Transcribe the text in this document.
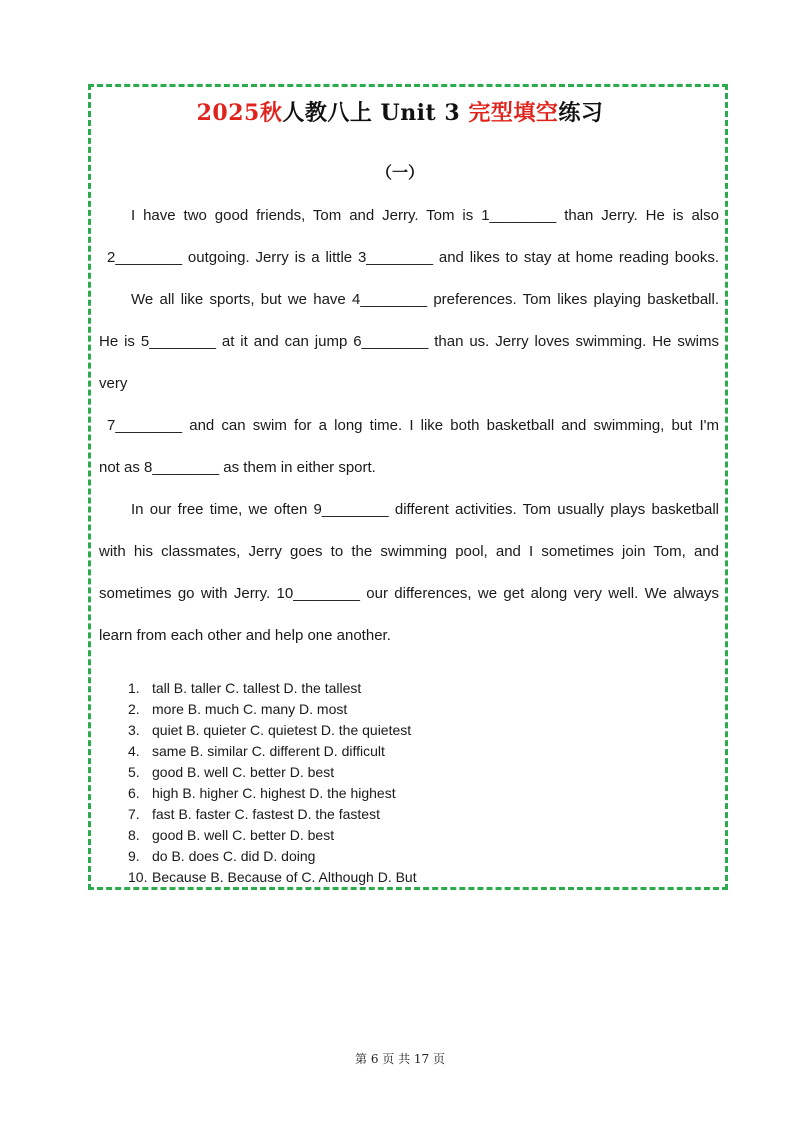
2025秋人教八上 Unit 3 完型填空练习
（一）
I have two good friends, Tom and Jerry. Tom is 1________ than Jerry. He is also
2________ outgoing. Jerry is a little 3________ and likes to stay at home reading books.
We all like sports, but we have 4________ preferences. Tom likes playing basketball.
He is 5________ at it and can jump 6________ than us. Jerry loves swimming. He swims
very
7________ and can swim for a long time. I like both basketball and swimming, but I'm
not as 8________ as them in either sport.
In our free time, we often 9________ different activities. Tom usually plays basketball
with his classmates, Jerry goes to the swimming pool, and I sometimes join Tom, and
sometimes go with Jerry. 10________ our differences, we get along very well. We always
learn from each other and help one another.
1. tall B. taller C. tallest D. the tallest
2. more B. much C. many D. most
3. quiet B. quieter C. quietest D. the quietest
4. same B. similar C. different D. difficult
5. good B. well C. better D. best
6. high B. higher C. highest D. the highest
7. fast B. faster C. fastest D. the fastest
8. good B. well C. better D. best
9. do B. does C. did D. doing
10. Because B. Because of C. Although D. But
第 6 页 共 17 页
